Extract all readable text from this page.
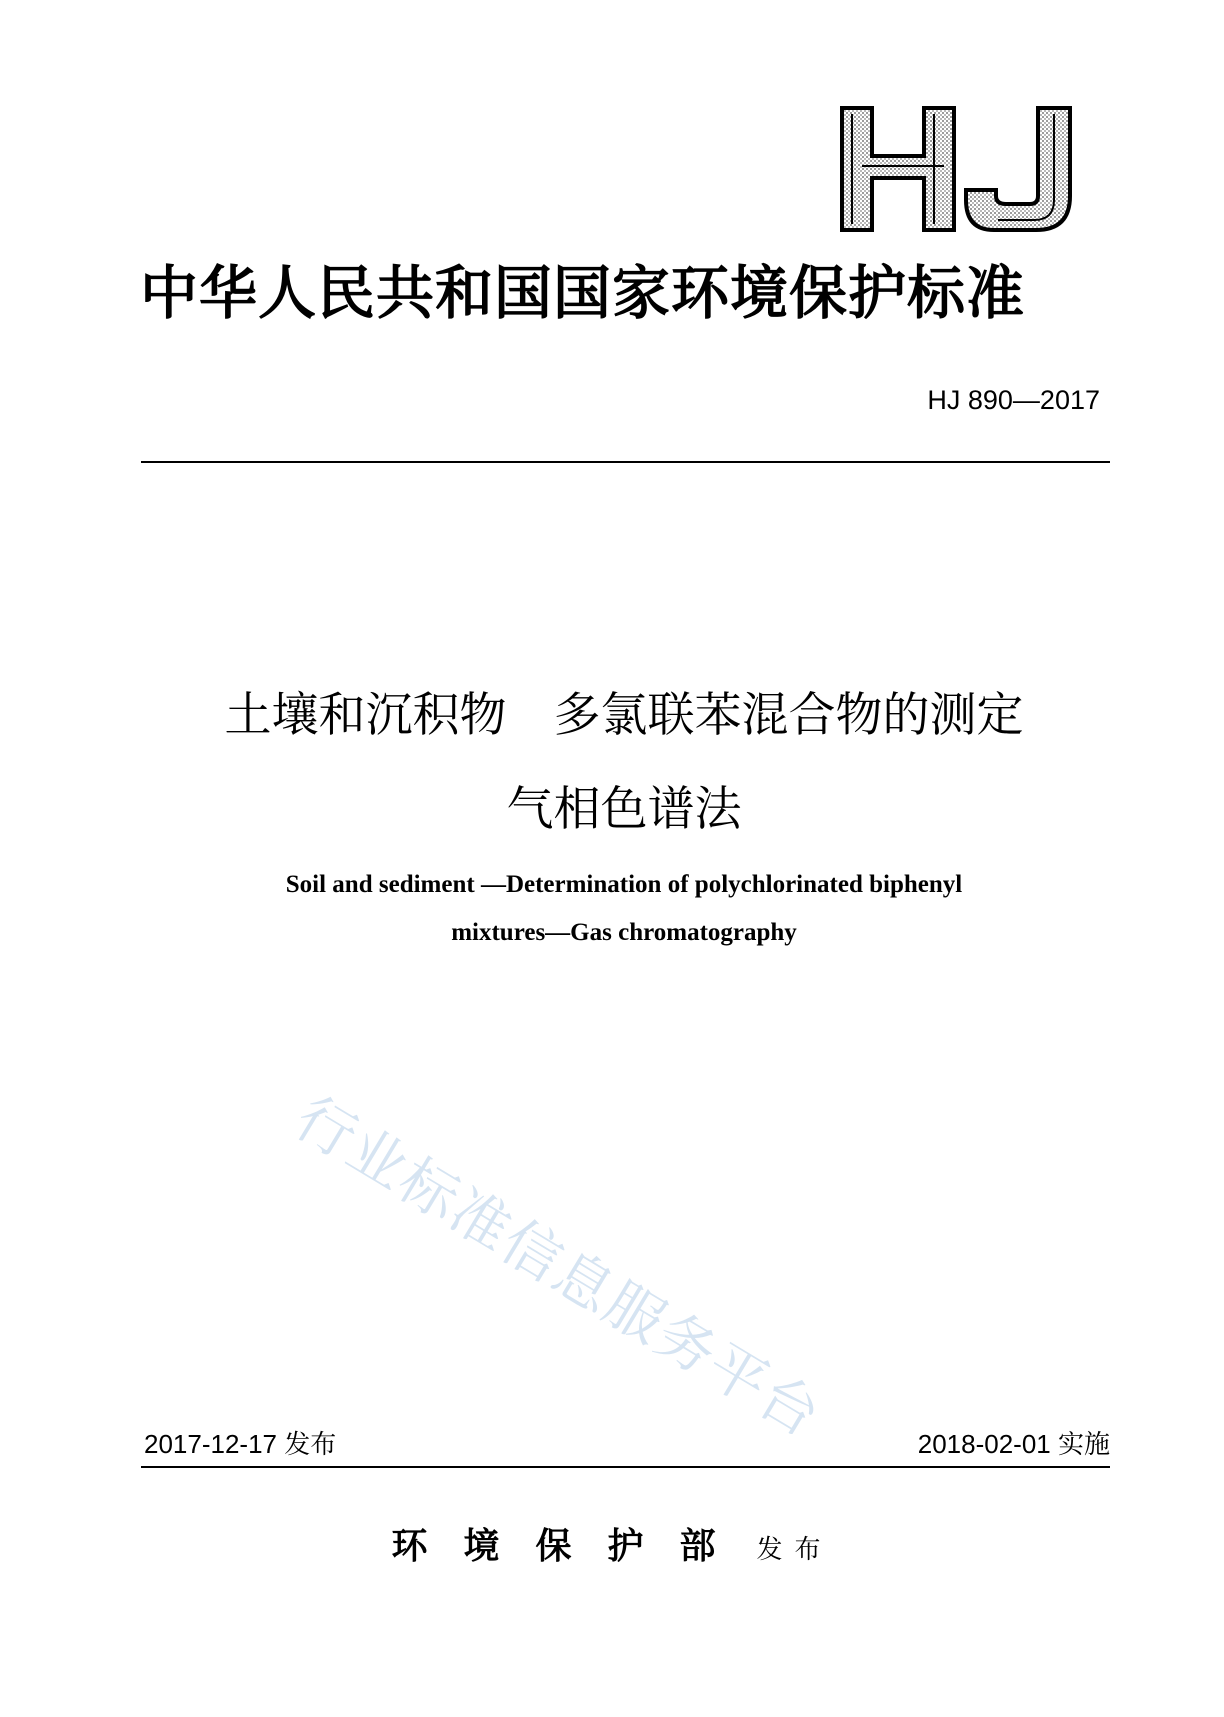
中华人民共和国国家环境保护标准
HJ 890—2017
土壤和沉积物　多氯联苯混合物的测定
气相色谱法
Soil and sediment —Determination of polychlorinated biphenyl
mixtures—Gas chromatography
行业标准信息服务平台
2017-12-17 发布	2018-02-01 实施
环境保护部 发布
